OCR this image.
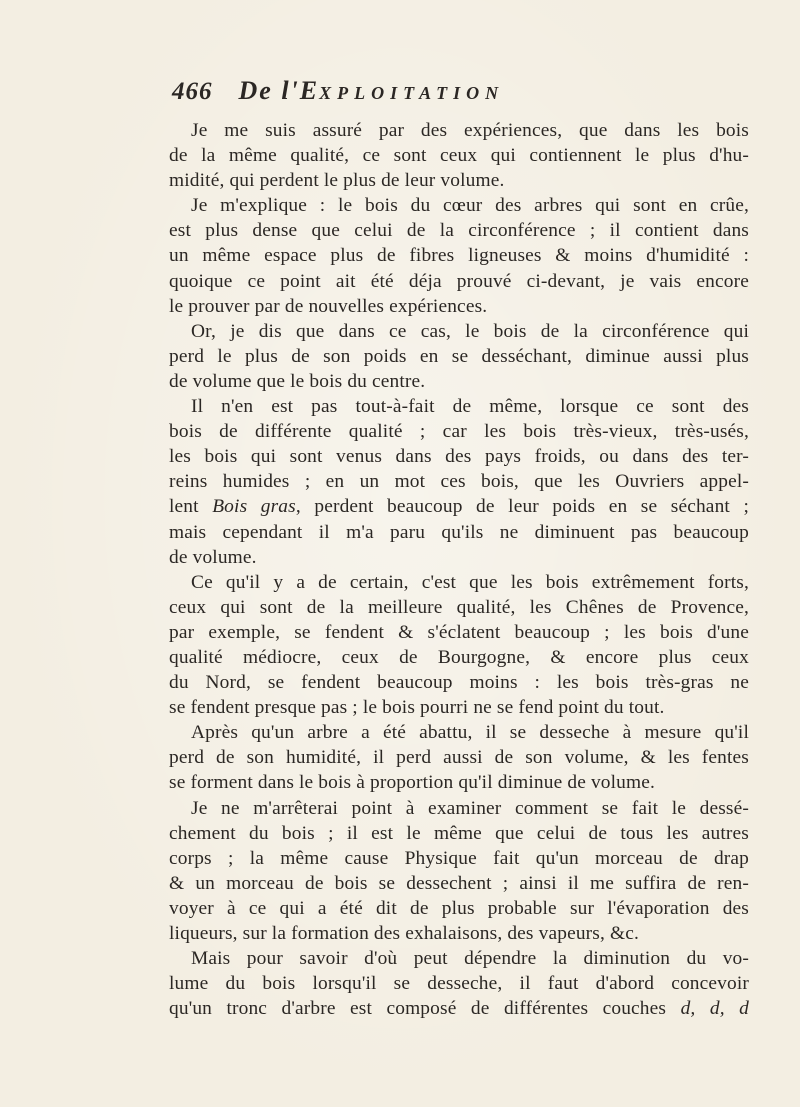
466 De l'EXPLOITATION
Je me suis assuré par des expériences, que dans les bois
de la même qualité, ce sont ceux qui contiennent le plus d'hu-
midité, qui perdent le plus de leur volume.
Je m'explique : le bois du cœur des arbres qui sont en crûe,
est plus dense que celui de la circonférence ; il contient dans
un même espace plus de fibres ligneuses & moins d'humidité :
quoique ce point ait été déja prouvé ci-devant, je vais encore
le prouver par de nouvelles expériences.
Or, je dis que dans ce cas, le bois de la circonférence qui
perd le plus de son poids en se desséchant, diminue aussi plus
de volume que le bois du centre.
Il n'en est pas tout-à-fait de même, lorsque ce sont des
bois de différente qualité ; car les bois très-vieux, très-usés,
les bois qui sont venus dans des pays froids, ou dans des ter-
reins humides ; en un mot ces bois, que les Ouvriers appel-
lent Bois gras, perdent beaucoup de leur poids en se séchant ;
mais cependant il m'a paru qu'ils ne diminuent pas beaucoup
de volume.
Ce qu'il y a de certain, c'est que les bois extrêmement forts,
ceux qui sont de la meilleure qualité, les Chênes de Provence,
par exemple, se fendent & s'éclatent beaucoup ; les bois d'une
qualité médiocre, ceux de Bourgogne, & encore plus ceux
du Nord, se fendent beaucoup moins : les bois très-gras ne
se fendent presque pas ; le bois pourri ne se fend point du tout.
Après qu'un arbre a été abattu, il se desseche à mesure qu'il
perd de son humidité, il perd aussi de son volume, & les fentes
se forment dans le bois à proportion qu'il diminue de volume.
Je ne m'arrêterai point à examiner comment se fait le dessé-
chement du bois ; il est le même que celui de tous les autres
corps ; la même cause Physique fait qu'un morceau de drap
& un morceau de bois se dessechent ; ainsi il me suffira de ren-
voyer à ce qui a été dit de plus probable sur l'évaporation des
liqueurs, sur la formation des exhalaisons, des vapeurs, &c.
Mais pour savoir d'où peut dépendre la diminution du vo-
lume du bois lorsqu'il se desseche, il faut d'abord concevoir
qu'un tronc d'arbre est composé de différentes couches d, d, d
